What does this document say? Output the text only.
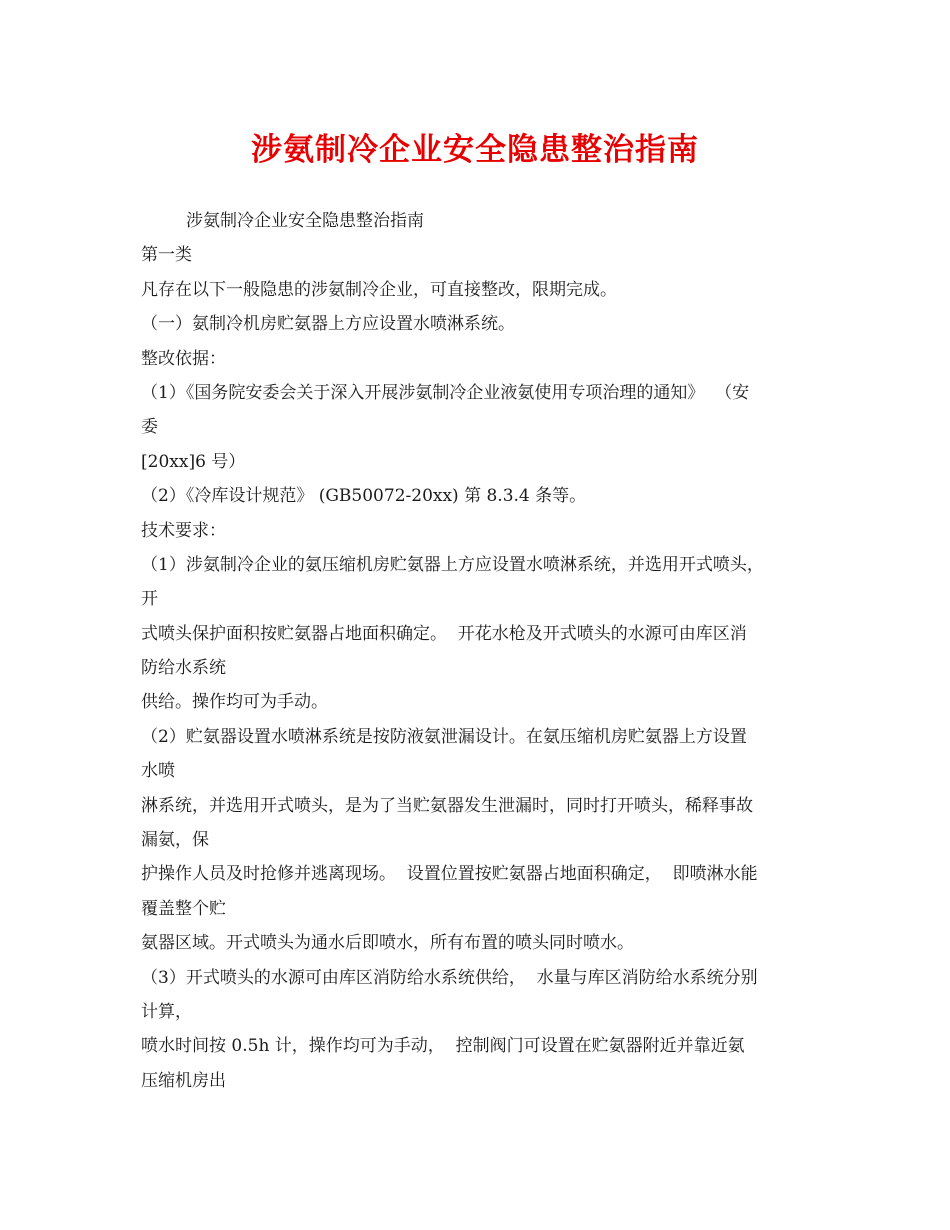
涉氨制冷企业安全隐患整治指南
涉氨制冷企业安全隐患整治指南
第一类
凡存在以下一般隐患的涉氨制冷企业，可直接整改，限期完成。
（一）氨制冷机房贮氨器上方应设置水喷淋系统。
整改依据：
（1）《国务院安委会关于深入开展涉氨制冷企业液氨使用专项治理的通知》  （安
委
[20xx]6 号）
（2）《冷库设计规范》 (GB50072-20xx) 第 8.3.4 条等。
技术要求：
（1）涉氨制冷企业的氨压缩机房贮氨器上方应设置水喷淋系统，并选用开式喷头，
开
式喷头保护面积按贮氨器占地面积确定。  开花水枪及开式喷头的水源可由库区消
防给水系统
供给。操作均可为手动。
（2）贮氨器设置水喷淋系统是按防液氨泄漏设计。在氨压缩机房贮氨器上方设置
水喷
淋系统，并选用开式喷头，是为了当贮氨器发生泄漏时，同时打开喷头，稀释事故
漏氨，保
护操作人员及时抢修并逃离现场。  设置位置按贮氨器占地面积确定，  即喷淋水能
覆盖整个贮
氨器区域。开式喷头为通水后即喷水，所有布置的喷头同时喷水。
（3）开式喷头的水源可由库区消防给水系统供给，  水量与库区消防给水系统分别
计算，
喷水时间按 0.5h 计，操作均可为手动，  控制阀门可设置在贮氨器附近并靠近氨
压缩机房出
